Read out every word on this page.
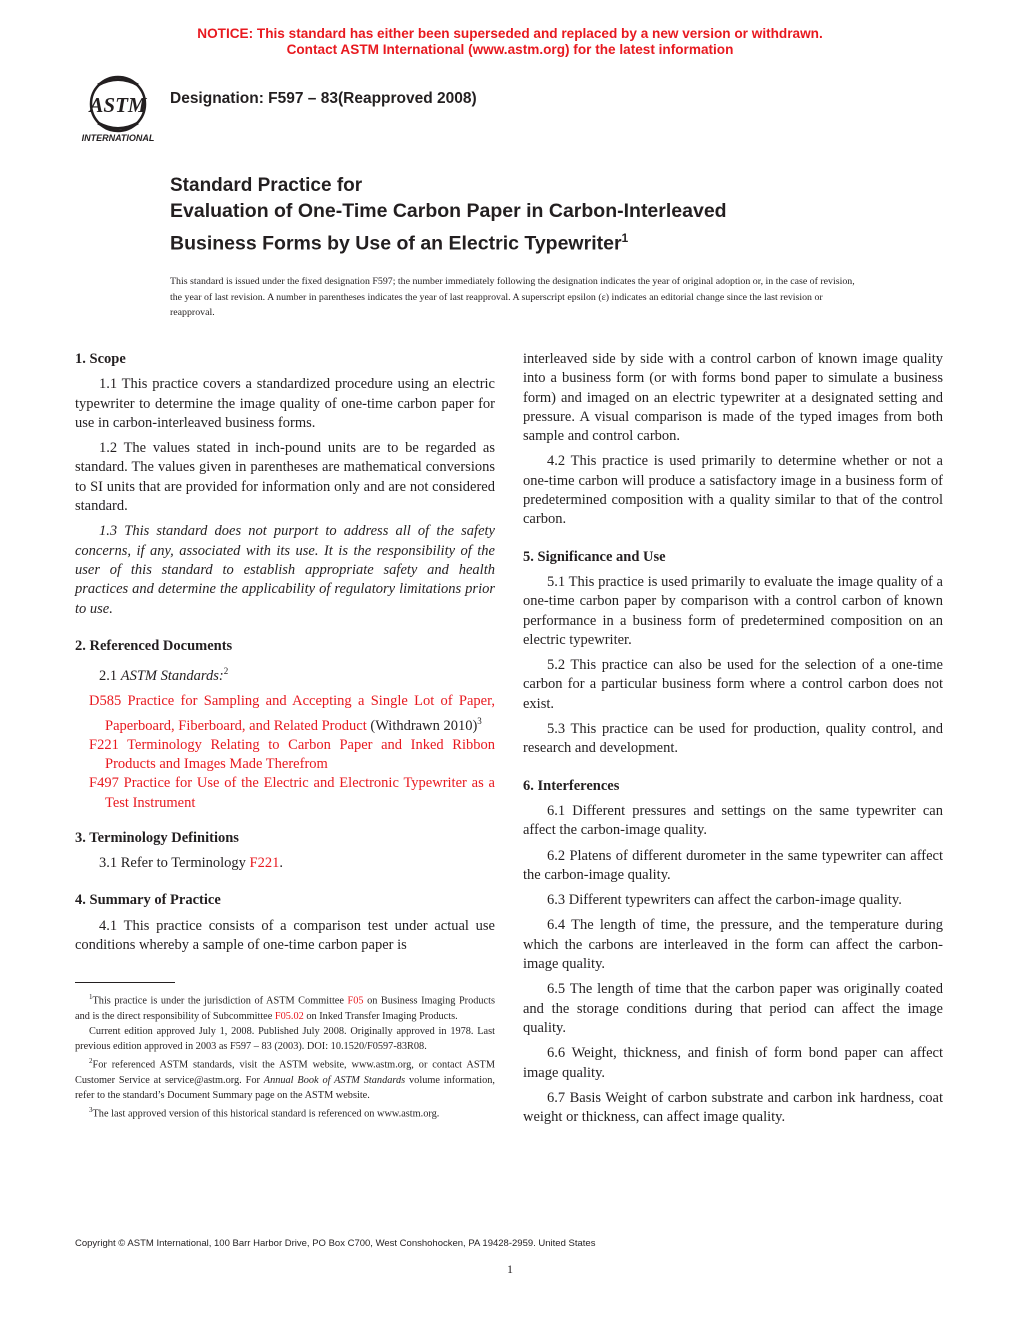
NOTICE: This standard has either been superseded and replaced by a new version or withdrawn.
Contact ASTM International (www.astm.org) for the latest information
ASTM
INTERNATIONAL
Designation: F597 – 83(Reapproved 2008)
Standard Practice for
Evaluation of One-Time Carbon Paper in Carbon-Interleaved
Business Forms by Use of an Electric Typewriter$^1$
This standard is issued under the fixed designation F597; the number immediately following the designation indicates the year of original adoption or, in the case of revision, the year of last revision. A number in parentheses indicates the year of last reapproval. A superscript epsilon (ε) indicates an editorial change since the last revision or reapproval.
1. Scope
1.1 This practice covers a standardized procedure using an electric typewriter to determine the image quality of one-time carbon paper for use in carbon-interleaved business forms.
1.2 The values stated in inch-pound units are to be regarded as standard. The values given in parentheses are mathematical conversions to SI units that are provided for information only and are not considered standard.
1.3 This standard does not purport to address all of the safety concerns, if any, associated with its use. It is the responsibility of the user of this standard to establish appropriate safety and health practices and determine the applicability of regulatory limitations prior to use.
2. Referenced Documents
2.1 ASTM Standards:$^2$
D585 Practice for Sampling and Accepting a Single Lot of Paper, Paperboard, Fiberboard, and Related Product (Withdrawn 2010)$^3$
F221 Terminology Relating to Carbon Paper and Inked Ribbon Products and Images Made Therefrom
F497 Practice for Use of the Electric and Electronic Typewriter as a Test Instrument
3. Terminology Definitions
3.1 Refer to Terminology F221.
4. Summary of Practice
4.1 This practice consists of a comparison test under actual use conditions whereby a sample of one-time carbon paper is
interleaved side by side with a control carbon of known image quality into a business form (or with forms bond paper to simulate a business form) and imaged on an electric typewriter at a designated setting and pressure. A visual comparison is made of the typed images from both sample and control carbon.
4.2 This practice is used primarily to determine whether or not a one-time carbon will produce a satisfactory image in a business form of predetermined composition with a quality similar to that of the control carbon.
5. Significance and Use
5.1 This practice is used primarily to evaluate the image quality of a one-time carbon paper by comparison with a control carbon of known performance in a business form of predetermined composition on an electric typewriter.
5.2 This practice can also be used for the selection of a one-time carbon for a particular business form where a control carbon does not exist.
5.3 This practice can be used for production, quality control, and research and development.
6. Interferences
6.1 Different pressures and settings on the same typewriter can affect the carbon-image quality.
6.2 Platens of different durometer in the same typewriter can affect the carbon-image quality.
6.3 Different typewriters can affect the carbon-image quality.
6.4 The length of time, the pressure, and the temperature during which the carbons are interleaved in the form can affect the carbon-image quality.
6.5 The length of time that the carbon paper was originally coated and the storage conditions during that period can affect the image quality.
6.6 Weight, thickness, and finish of form bond paper can affect image quality.
6.7 Basis Weight of carbon substrate and carbon ink hardness, coat weight or thickness, can affect image quality.

$^1$This practice is under the jurisdiction of ASTM Committee F05 on Business Imaging Products and is the direct responsibility of Subcommittee F05.02 on Inked Transfer Imaging Products.

Current edition approved July 1, 2008. Published July 2008. Originally approved in 1978. Last previous edition approved in 2003 as F597 – 83 (2003). DOI: 10.1520/F0597-83R08.

$^2$For referenced ASTM standards, visit the ASTM website, www.astm.org, or contact ASTM Customer Service at service@astm.org. For Annual Book of ASTM Standards volume information, refer to the standard’s Document Summary page on the ASTM website.

$^3$The last approved version of this historical standard is referenced on www.astm.org.

Copyright © ASTM International, 100 Barr Harbor Drive, PO Box C700, West Conshohocken, PA 19428-2959. United States
1
